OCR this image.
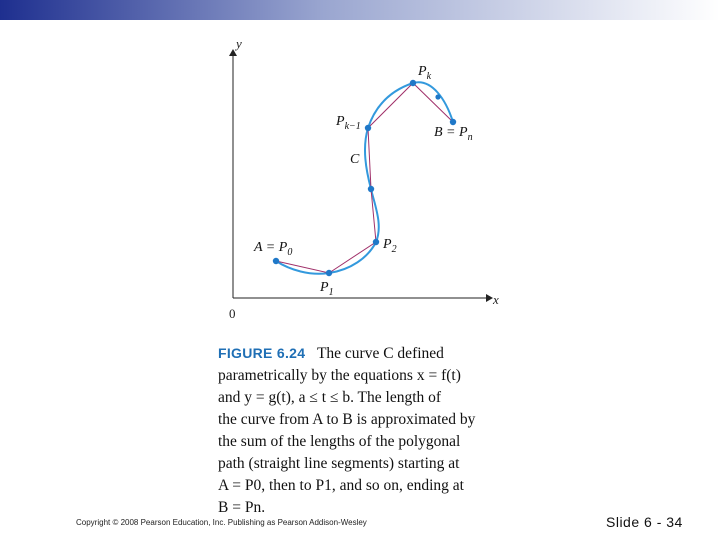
y
x
0
C
$A = P_0$
$P_1$
$P_2$
$P_{k-1}$
$P_k$
$B = P_n$
FIGURE 6.24 The curve C defined
parametrically by the equations x = f(t)
and y = g(t), a ≤ t ≤ b. The length of
the curve from A to B is approximated by
the sum of the lengths of the polygonal
path (straight line segments) starting at
A = P0, then to P1, and so on, ending at
B = Pn.
Copyright © 2008 Pearson Education, Inc. Publishing as Pearson Addison-Wesley	Slide 6 - 34
